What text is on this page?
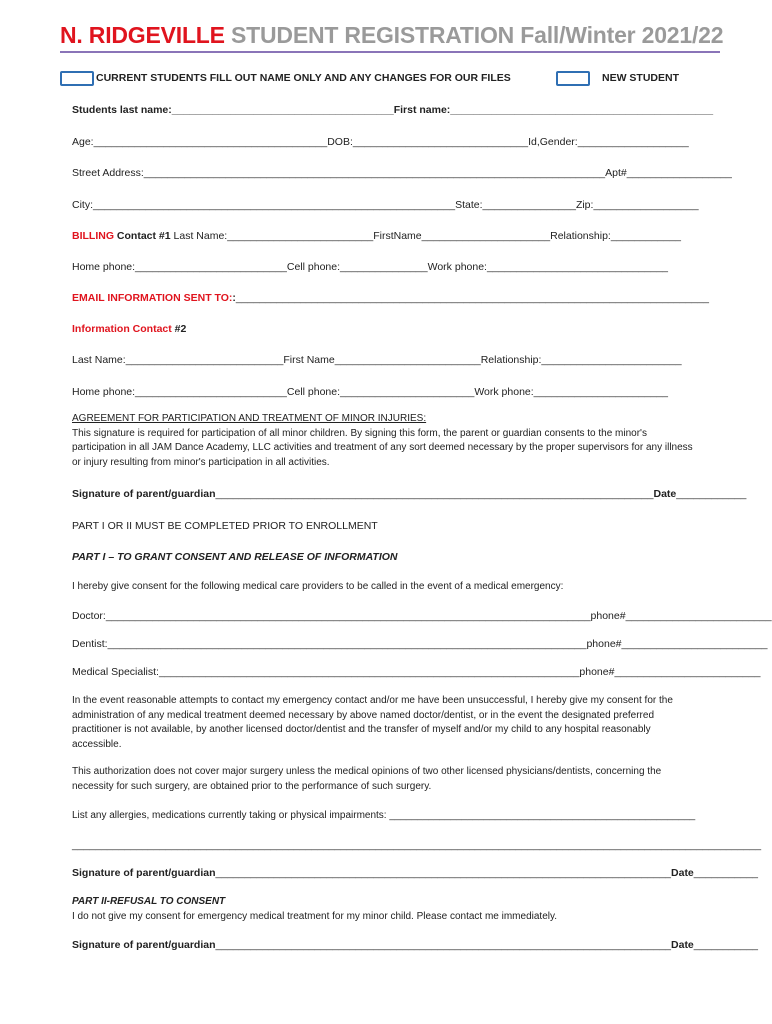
N. RIDGEVILLE STUDENT REGISTRATION Fall/Winter 2021/22
CURRENT STUDENTS FILL OUT NAME ONLY AND ANY CHANGES FOR OUR FILES	NEW STUDENT
Students last name:______________________________________First name:_____________________________________________
Age:________________________________________DOB:______________________________Id,Gender:___________________
Street Address:_______________________________________________________________________________Apt#__________________
City:______________________________________________________________State:________________Zip:__________________
BILLING Contact #1 Last Name:_________________________FirstName______________________Relationship:____________
Home phone:__________________________Cell phone:_______________Work phone:_______________________________
EMAIL INFORMATION SENT TO::_________________________________________________________________________________
Information Contact #2
Last Name:___________________________First Name_________________________Relationship:________________________
Home phone:__________________________Cell phone:_______________________Work phone:_______________________
AGREEMENT FOR PARTICIPATION AND TREATMENT OF MINOR INJURIES:
This signature is required for participation of all minor children. By signing this form, the parent or guardian consents to the minor's participation in all JAM Dance Academy, LLC activities and treatment of any sort deemed necessary by the proper supervisors for any illness or injury resulting from minor's participation in all activities.
Signature of parent/guardian___________________________________________________________________________Date____________
PART I OR II MUST BE COMPLETED PRIOR TO ENROLLMENT
PART I – TO GRANT CONSENT AND RELEASE OF INFORMATION
I hereby give consent for the following medical care providers to be called in the event of a medical emergency:
Doctor:___________________________________________________________________________________phone#_________________________
Dentist:__________________________________________________________________________________phone#_________________________
Medical Specialist:________________________________________________________________________phone#_________________________
In the event reasonable attempts to contact my emergency contact and/or me have been unsuccessful, I hereby give my consent for the administration of any medical treatment deemed necessary by above named doctor/dentist, or in the event the designated preferred practitioner is not available, by another licensed doctor/dentist and the transfer of myself and/or my child to any hospital reasonably accessible.
This authorization does not cover major surgery unless the medical opinions of two other licensed physicians/dentists, concerning the necessity for such surgery, are obtained prior to the performance of such surgery.
List any allergies, medications currently taking or physical impairments: _______________________________________________________
______________________________________________________________________________________________________________________
Signature of parent/guardian______________________________________________________________________________Date___________
PART II-REFUSAL TO CONSENT
I do not give my consent for emergency medical treatment for my minor child. Please contact me immediately.
Signature of parent/guardian______________________________________________________________________________Date___________
